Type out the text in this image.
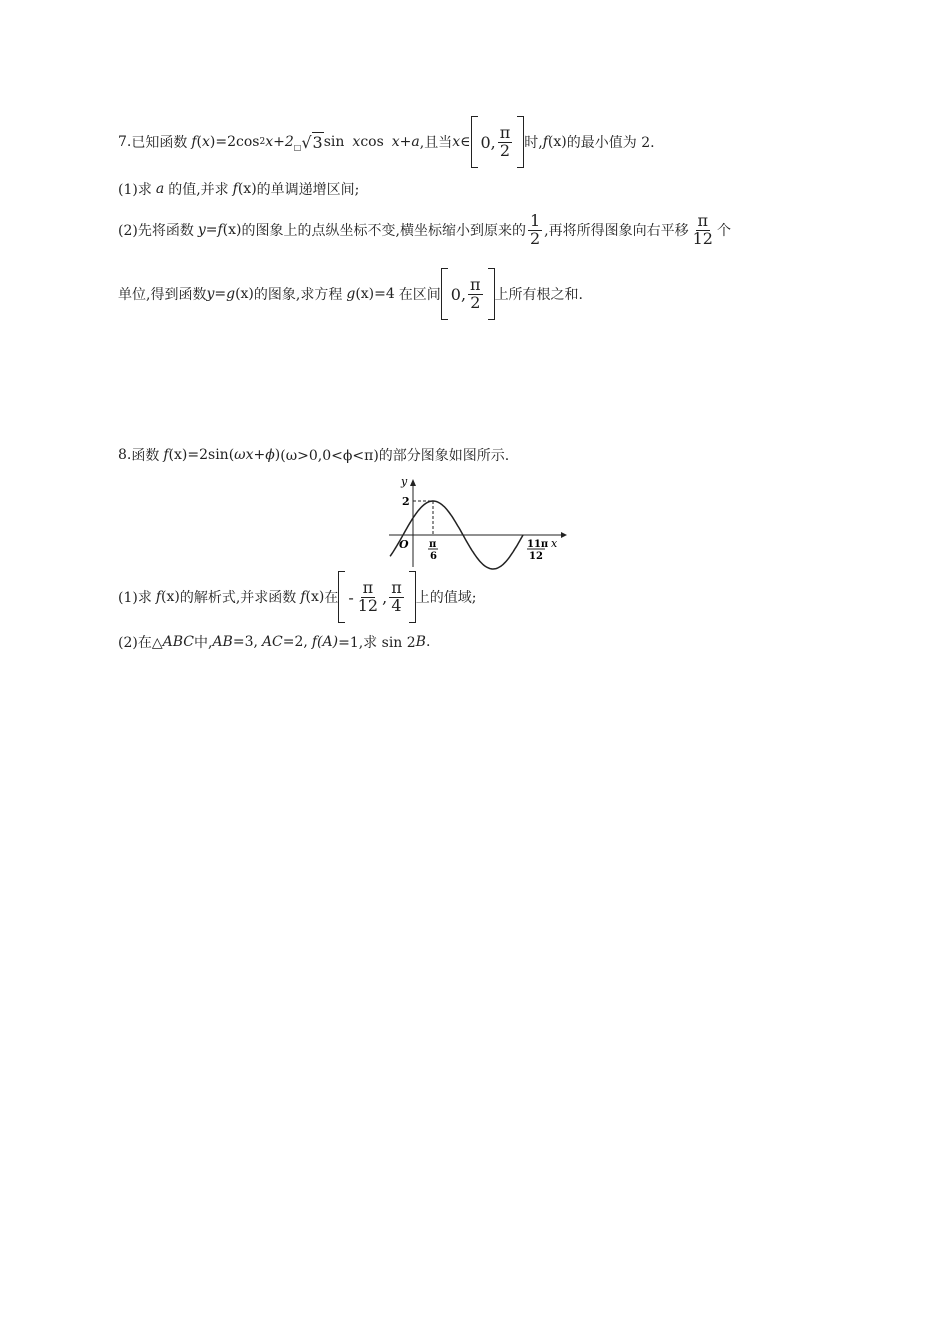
7. 已知函数 f ( x ) =2cos 2 x+2 □ √ 3 sin x cos x+a ,且当 x ∈ 0, $\frac{\pi}{2}$ 时, f (x) 的最小值为 2.
(1)求 a 的值,并求 f (x) 的单调递增区间;
(2)先将函数 y=f (x) 的图象上的点纵坐标不变,横坐标缩小到原来的 $\frac{1}{2}$ ,再将所得图象向右平移 $\frac{\pi}{12}$ 个
单位,得到函数 y=g (x) 的图象,求方程 g (x) =4 在区间 0, $\frac{\pi}{2}$ 上所有根之和.
8. 函数 f (x) =2sin( ω x+ ϕ ) (ω>0,0<ϕ<π)的部分图象如图所示.
y
x
O
2
π
6
11π
12
(1)求 f (x) 的解析式,并求函数 f (x) 在 - $\frac{\pi}{12}$ , $\frac{\pi}{4}$ 上的值域;
(2)在△ ABC 中, AB =3, AC =2, f (A) =1,求 sin 2 B .
